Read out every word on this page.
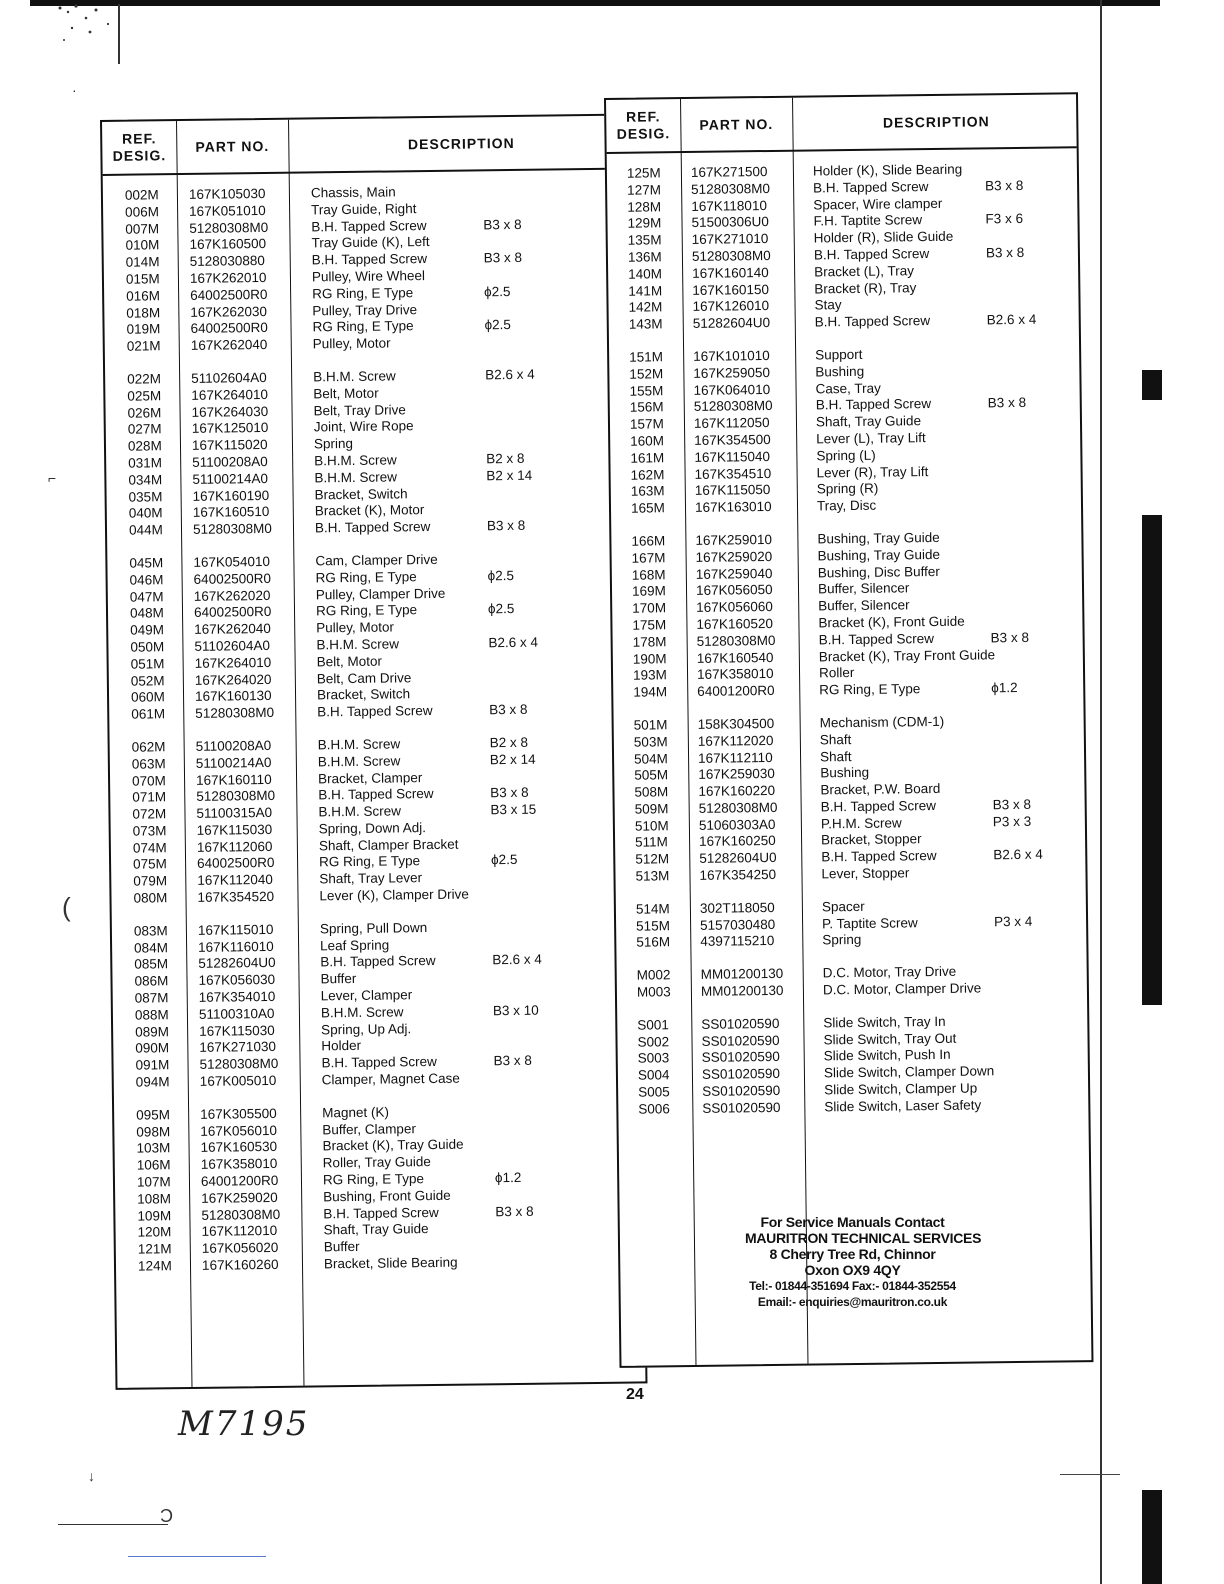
REF. DESIG.
PART NO.	DESCRIPTION
002M 167K105030	Chassis, Main
006M 167K051010	Tray Guide, Right
007M 51280308M0	B.H. Tapped Screw	B3 x 8
010M 167K160500	Tray Guide (K), Left
014M 5128030880	B.H. Tapped Screw	B3 x 8
015M 167K262010	Pulley, Wire Wheel
016M 64002500R0	RG Ring, E Type	ϕ2.5
018M 167K262030	Pulley, Tray Drive
019M 64002500R0	RG Ring, E Type	ϕ2.5
021M 167K262040	Pulley, Motor
022M 51102604A0	B.H.M. Screw	B2.6 x 4
025M 167K264010	Belt, Motor
026M 167K264030	Belt, Tray Drive
027M 167K125010	Joint, Wire Rope
028M 167K115020	Spring
031M 51100208A0	B.H.M. Screw	B2 x 8
034M 51100214A0	B.H.M. Screw	B2 x 14
035M 167K160190	Bracket, Switch
040M 167K160510	Bracket (K), Motor
044M 51280308M0	B.H. Tapped Screw	B3 x 8
045M 167K054010	Cam, Clamper Drive
046M 64002500R0	RG Ring, E Type	ϕ2.5
047M 167K262020	Pulley, Clamper Drive
048M 64002500R0	RG Ring, E Type	ϕ2.5
049M 167K262040	Pulley, Motor
050M 51102604A0	B.H.M. Screw	B2.6 x 4
051M 167K264010	Belt, Motor
052M 167K264020	Belt, Cam Drive
060M 167K160130	Bracket, Switch
061M 51280308M0	B.H. Tapped Screw	B3 x 8
062M 51100208A0	B.H.M. Screw	B2 x 8
063M 51100214A0	B.H.M. Screw	B2 x 14
070M 167K160110	Bracket, Clamper
071M 51280308M0	B.H. Tapped Screw	B3 x 8
072M 51100315A0	B.H.M. Screw	B3 x 15
073M 167K115030	Spring, Down Adj.
074M 167K112060	Shaft, Clamper Bracket
075M 64002500R0	RG Ring, E Type	ϕ2.5
079M 167K112040	Shaft, Tray Lever
080M 167K354520	Lever (K), Clamper Drive
083M 167K115010	Spring, Pull Down
084M 167K116010	Leaf Spring
085M 51282604U0	B.H. Tapped Screw	B2.6 x 4
086M 167K056030	Buffer
087M 167K354010	Lever, Clamper
088M 51100310A0	B.H.M. Screw	B3 x 10
089M 167K115030	Spring, Up Adj.
090M 167K271030	Holder
091M 51280308M0	B.H. Tapped Screw	B3 x 8
094M 167K005010	Clamper, Magnet Case
095M 167K305500	Magnet (K)
098M 167K056010	Buffer, Clamper
103M 167K160530	Bracket (K), Tray Guide
106M 167K358010	Roller, Tray Guide
107M 64001200R0	RG Ring, E Type	ϕ1.2
108M 167K259020	Bushing, Front Guide
109M 51280308M0	B.H. Tapped Screw	B3 x 8
120M 167K112010	Shaft, Tray Guide
121M 167K056020	Buffer
124M 167K160260	Bracket, Slide Bearing
REF. DESIG.
PART NO.	DESCRIPTION
125M 167K271500	Holder (K), Slide Bearing
127M 51280308M0	B.H. Tapped Screw	B3 x 8
128M 167K118010	Spacer, Wire clamper
129M 51500306U0	F.H. Taptite Screw	F3 x 6
135M 167K271010	Holder (R), Slide Guide
136M 51280308M0	B.H. Tapped Screw	B3 x 8
140M 167K160140	Bracket (L), Tray
141M 167K160150	Bracket (R), Tray
142M 167K126010	Stay
143M 51282604U0	B.H. Tapped Screw	B2.6 x 4
151M 167K101010	Support
152M 167K259050	Bushing
155M 167K064010	Case, Tray
156M 51280308M0	B.H. Tapped Screw	B3 x 8
157M 167K112050	Shaft, Tray Guide
160M 167K354500	Lever (L), Tray Lift
161M 167K115040	Spring (L)
162M 167K354510	Lever (R), Tray Lift
163M 167K115050	Spring (R)
165M 167K163010	Tray, Disc
166M 167K259010	Bushing, Tray Guide
167M 167K259020	Bushing, Tray Guide
168M 167K259040	Bushing, Disc Buffer
169M 167K056050	Buffer, Silencer
170M 167K056060	Buffer, Silencer
175M 167K160520	Bracket (K), Front Guide
178M 51280308M0	B.H. Tapped Screw	B3 x 8
190M 167K160540	Bracket (K), Tray Front Guide
193M 167K358010	Roller
194M 64001200R0	RG Ring, E Type	ϕ1.2
501M 158K304500	Mechanism (CDM-1)
503M 167K112020	Shaft
504M 167K112110	Shaft
505M 167K259030	Bushing
508M 167K160220	Bracket, P.W. Board
509M 51280308M0	B.H. Tapped Screw	B3 x 8
510M 51060303A0	P.H.M. Screw	P3 x 3
511M 167K160250	Bracket, Stopper
512M 51282604U0	B.H. Tapped Screw	B2.6 x 4
513M 167K354250	Lever, Stopper
514M 302T118050	Spacer
515M 5157030480	P. Taptite Screw	P3 x 4
516M 4397115210	Spring
M002 MM01200130	D.C. Motor, Tray Drive
M003 MM01200130	D.C. Motor, Clamper Drive
S001 SS01020590	Slide Switch, Tray In
S002 SS01020590	Slide Switch, Tray Out
S003 SS01020590	Slide Switch, Push In
S004 SS01020590	Slide Switch, Clamper Down
S005 SS01020590	Slide Switch, Clamper Up
S006 SS01020590	Slide Switch, Laser Safety
For Service Manuals Contact
MAURITRON TECHNICAL SERVICES
8 Cherry Tree Rd, Chinnor
Oxon OX9 4QY
Tel:- 01844-351694 Fax:- 01844-352554
Email:- enquiries@mauritron.co.uk
24
M7195
·
⌐
(
↓
Ɔ
